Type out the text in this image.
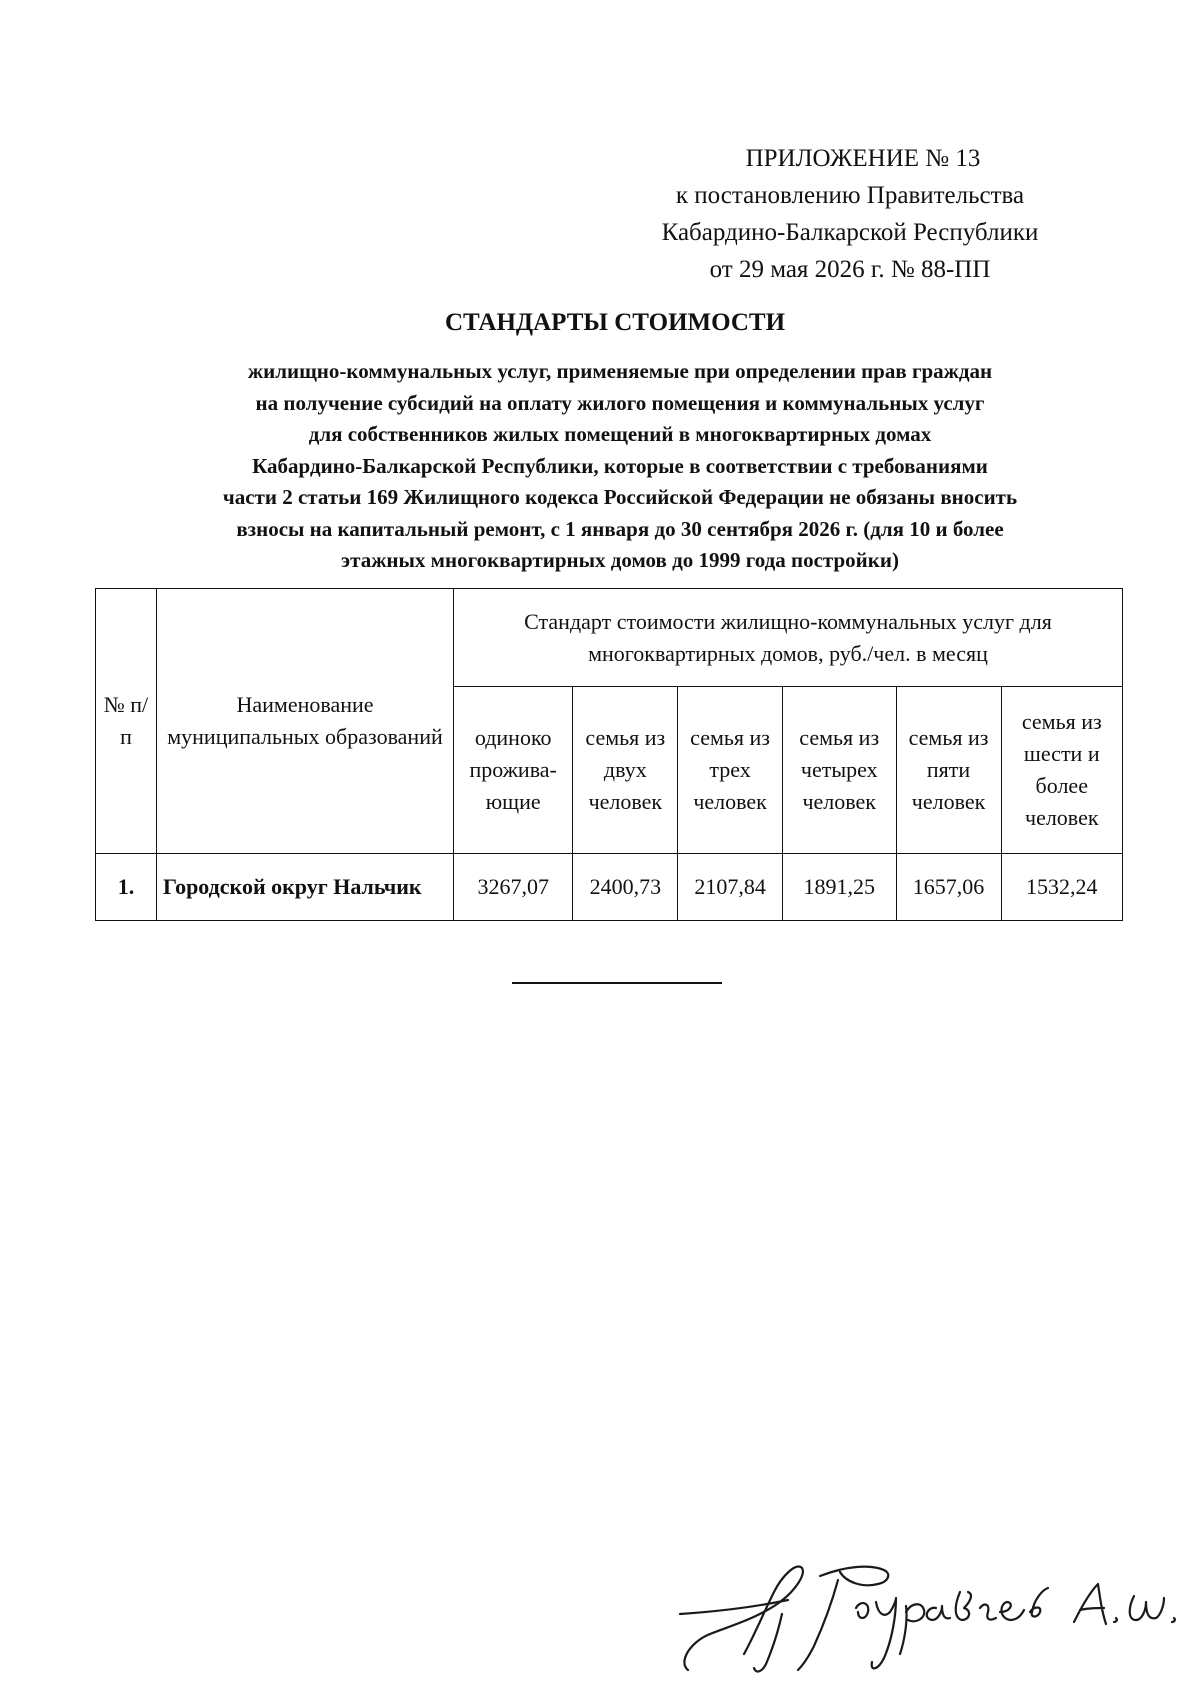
ПРИЛОЖЕНИЕ № 13
к постановлению Правительства
Кабардино-Балкарской Республики
от 29 мая 2026 г. № 88-ПП
СТАНДАРТЫ СТОИМОСТИ
жилищно-коммунальных услуг, применяемые при определении прав граждан
на получение субсидий на оплату жилого помещения и коммунальных услуг
для собственников жилых помещений в многоквартирных домах
Кабардино-Балкарской Республики, которые в соответствии с требованиями
части 2 статьи 169 Жилищного кодекса Российской Федерации не обязаны вносить
взносы на капитальный ремонт, с 1 января до 30 сентября 2026 г. (для 10 и более
этажных многоквартирных домов до 1999 года постройки)
№ п/п	Наименование муниципальных образований	Стандарт стоимости жилищно-коммунальных услуг для многоквартирных домов, руб./чел. в месяц					
		одиноко прожива-ющие	семья из двух человек	семья из трех человек	семья из четырех человек	семья из пяти человек	семья из шести и более человек
1.	Городской округ Нальчик	3267,07	2400,73	2107,84	1891,25	1657,06	1532,24
